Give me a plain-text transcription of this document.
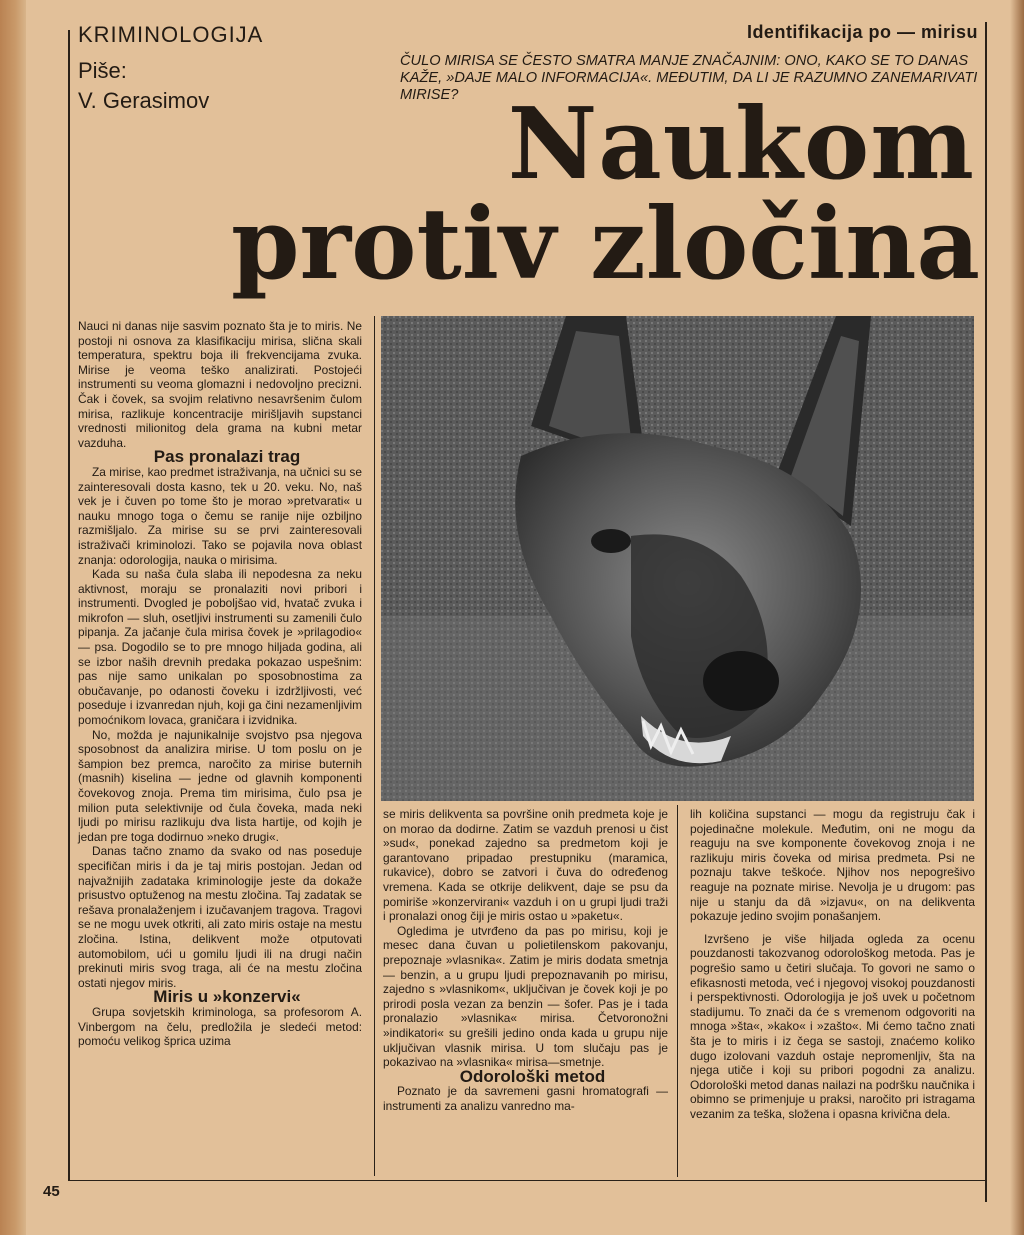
KRIMINOLOGIJA
Piše:
V. Gerasimov
Identifikacija po — mirisu

ČULO MIRISA SE ČESTO SMATRA MANJE ZNAČAJNIM: ONO, KAKO SE TO DANAS KAŽE, »DAJE MALO INFORMACIJA«. MEĐUTIM, DA LI JE RAZUMNO ZANEMARIVATI MIRISE? Naukom
protiv zločina

Nauci ni danas nije sasvim poznato šta je to miris. Ne postoji ni osnova za klasifikaciju mirisa, slična skali temperatura, spektru boja ili frekvencijama zvuka. Mirise je veoma teško analizirati. Postojeći instrumenti su veoma glomazni i nedovoljno precizni. Čak i čovek, sa svojim relativno nesavršenim čulom mirisa, razlikuje koncentracije mirišljavih supstanci vrednosti milionitog dela grama na kubni metar vazduha.

Pas pronalazi trag

Za mirise, kao predmet istraživanja, na učnici su se zainteresovali dosta kasno, tek u 20. veku. No, naš vek je i čuven po tome što je morao »pretvarati« u nauku mnogo toga o čemu se ranije nije ozbiljno razmišljalo. Za mirise su se prvi zainteresovali istraživači kriminolozi. Tako se pojavila nova oblast znanja: odorologija, nauka o mirisima.

Kada su naša čula slaba ili nepodesna za neku aktivnost, moraju se pronalaziti novi pribori i instrumenti. Dvogled je pobolјšao vid, hvatač zvuka i mikrofon — sluh, osetljivi instrumenti su zamenili čulo pipanja. Za jačanje čula mirisa čovek je »prilagodio« — psa. Dogodilo se to pre mnogo hiljada godina, ali se izbor naših drevnih predaka pokazao uspešnim: pas nije samo unikalan po sposobnostima za obučavanje, po odanosti čoveku i izdržljivosti, već poseduje i izvanredan njuh, koji ga čini nezamenljivim pomoćnikom lovaca, graničara i izvidnika.

No, možda je najunikalnije svojstvo psa njegova sposobnost da analizira mirise. U tom poslu on je šampion bez premca, naročito za mirise buternih (masnih) kiselina — jedne od glavnih komponenti čovekovog znoja. Prema tim mirisima, čulo psa je milion puta selektivnije od čula čoveka, mada neki ljudi po mirisu razlikuju dva lista hartije, od kojih je jedan pre toga dodirnuo »neko drugi«.

Danas tačno znamo da svako od nas poseduje specifičan miris i da je taj miris postojan. Jedan od najvažnijih zadataka kriminologije jeste da dokaže prisustvo optuženog na mestu zločina. Taj zadatak se rešava pronalaženjem i izučavanjem tragova. Tragovi se ne mogu uvek otkriti, ali zato miris ostaje na mestu zločina. Istina, delikvent može otputovati automobilom, ući u gomilu ljudi ili na drugi način prekinuti miris svog traga, ali će na mestu zločina ostati njegov miris.

Miris u »konzervi«

Grupa sovjetskih kriminologa, sa profesorom A. Vinbergom na čelu, predložila je sledeći metod: pomoću velikog šprica uzima

se miris delikventa sa površine onih predmeta koje je on morao da dodirne. Zatim se vazduh prenosi u čist »sud«, ponekad zajedno sa predmetom koji je garantovano pripadao prestupniku (maramica, rukavice), dobro se zatvori i čuva do određenog vremena. Kada se otkrije delikvent, daje se psu da pomiriše »konzervirani« vazduh i on u grupi ljudi traži i pronalazi onog čiji je miris ostao u »paketu«.

Ogledima je utvrđeno da pas po mirisu, koji je mesec dana čuvan u polietilenskom pakovanju, prepoznaje »vlasnika«. Zatim je miris dodata smetnja — benzin, a u grupu ljudi prepoznavanih po mirisu, zajedno s »vlasnikom«, uključivan je čovek koji je po prirodi posla vezan za benzin — šofer. Pas je i tada pronalazio »vlasnika« mirisa. Četvoronožni »indikatori« su grešili jedino onda kada u grupu nije uključivan vlasnik mirisa. U tom slučaju pas je pokazivao na »vlasnika« mirisa—smetnje.

Odorološki metod

Poznato je da savremeni gasni hromatografi — instrumenti za analizu vanredno ma-

lih količina supstanci — mogu da registruju čak i pojedinačne molekule. Međutim, oni ne mogu da reaguju na sve komponente čovekovog znoja i ne razlikuju miris čoveka od mirisa predmeta. Psi ne poznaju takve teškoće. Njihov nos nepogrešivo reaguje na poznate mirise. Nevolja je u drugom: pas nije u stanju da dâ »izjavu«, on na delikventa pokazuje jedino svojim ponašanjem.

Izvršeno je više hiljada ogleda za ocenu pouzdanosti takozvanog odorološkog metoda. Pas je pogrešio samo u četiri slučaja. To govori ne samo o efikasnosti metoda, već i njegovoj visokoj pouzdanosti i perspektivnosti. Odorologija je još uvek u početnom stadijumu. To znači da će s vremenom odgovoriti na mnoga »šta«, »kako« i »zašto«. Mi ćemo tačno znati šta je to miris i iz čega se sastoji, znaćemo koliko dugo izolovani vazduh ostaje nepromenljiv, šta na njega utiče i koji su pribori pogodni za analizu. Odorološki metod danas nailazi na podršku naučnika i obimno se primenjuje u praksi, naročito pri istragama vezanim za teška, složena i opasna krivična dela.

45
